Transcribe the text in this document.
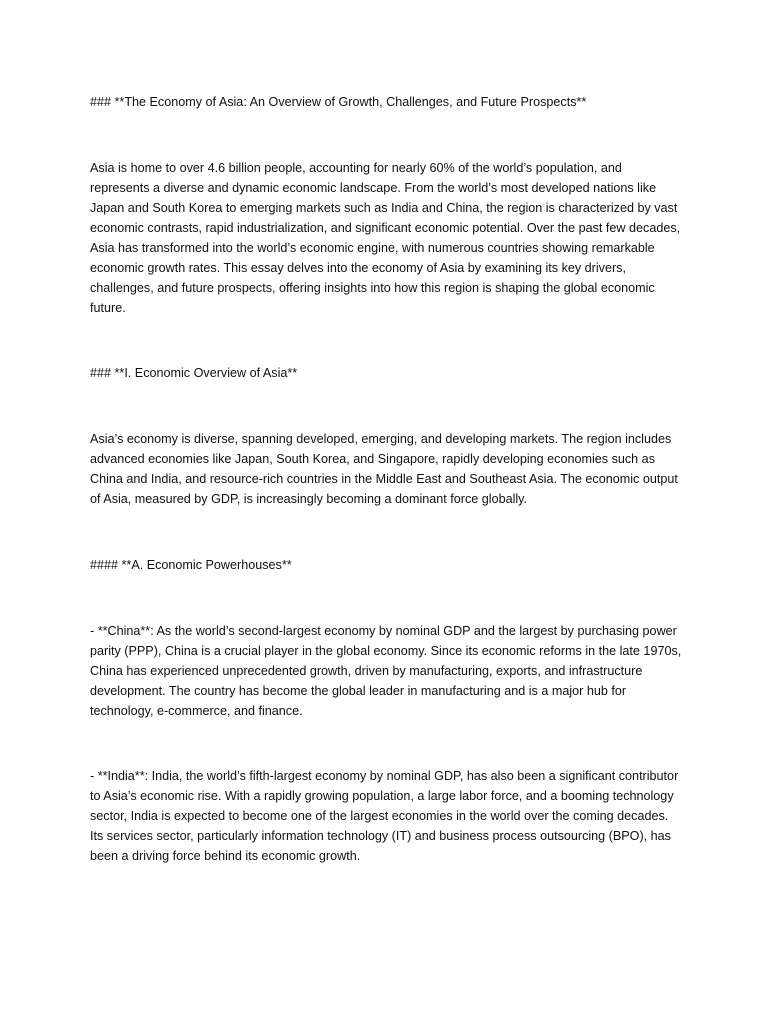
### **The Economy of Asia: An Overview of Growth, Challenges, and Future Prospects**

Asia is home to over 4.6 billion people, accounting for nearly 60% of the world’s population, and represents a diverse and dynamic economic landscape. From the world’s most developed nations like Japan and South Korea to emerging markets such as India and China, the region is characterized by vast economic contrasts, rapid industrialization, and significant economic potential. Over the past few decades, Asia has transformed into the world’s economic engine, with numerous countries showing remarkable economic growth rates. This essay delves into the economy of Asia by examining its key drivers, challenges, and future prospects, offering insights into how this region is shaping the global economic future.

### **I. Economic Overview of Asia**

Asia’s economy is diverse, spanning developed, emerging, and developing markets. The region includes advanced economies like Japan, South Korea, and Singapore, rapidly developing economies such as China and India, and resource-rich countries in the Middle East and Southeast Asia. The economic output of Asia, measured by GDP, is increasingly becoming a dominant force globally.

#### **A. Economic Powerhouses**

- **China**: As the world’s second-largest economy by nominal GDP and the largest by purchasing power parity (PPP), China is a crucial player in the global economy. Since its economic reforms in the late 1970s, China has experienced unprecedented growth, driven by manufacturing, exports, and infrastructure development. The country has become the global leader in manufacturing and is a major hub for technology, e-commerce, and finance.

- **India**: India, the world’s fifth-largest economy by nominal GDP, has also been a significant contributor to Asia’s economic rise. With a rapidly growing population, a large labor force, and a booming technology sector, India is expected to become one of the largest economies in the world over the coming decades. Its services sector, particularly information technology (IT) and business process outsourcing (BPO), has been a driving force behind its economic growth.
